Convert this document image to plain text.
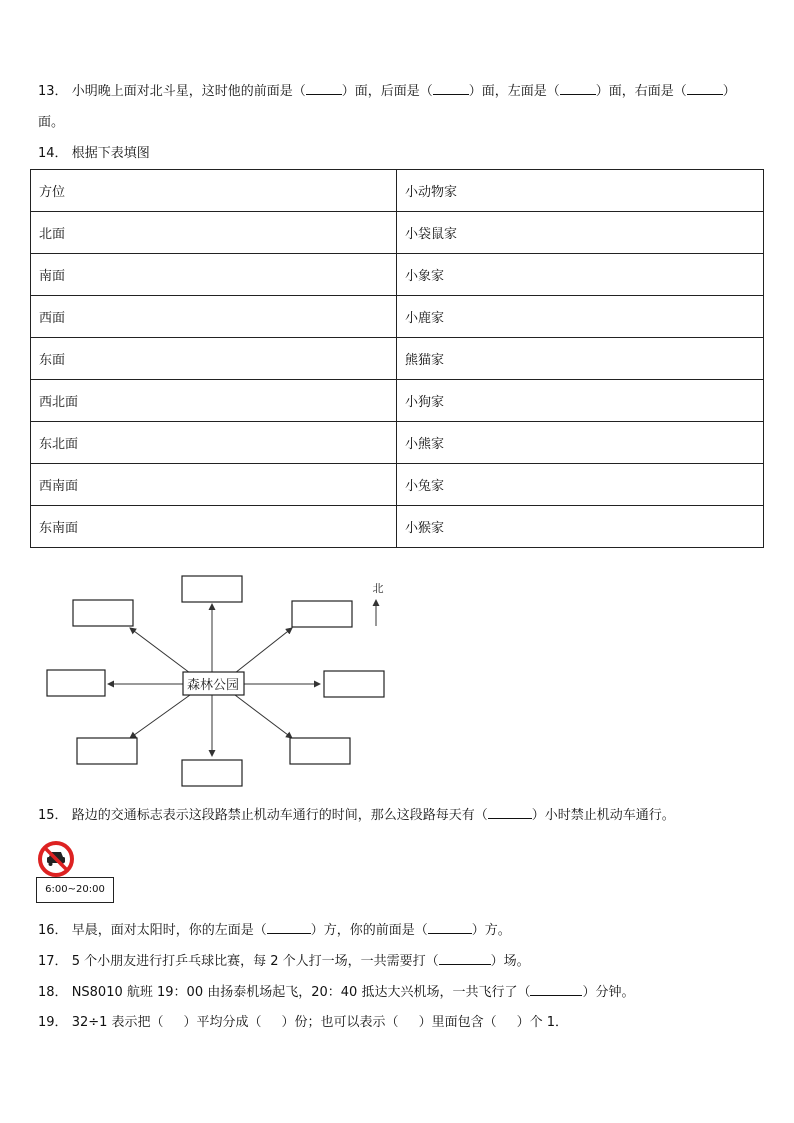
13． 小明晚上面对北斗星，这时他的前面是（	）面，后面是（	）面，左面是（	）面，右面是（	）
面。
14． 根据下表填图
方位	小动物家
北面	小袋鼠家
南面	小象家
西面	小鹿家
东面	熊猫家
西北面	小狗家
东北面	小熊家
西南面	小兔家
东南面	小猴家
森林公园
北
15． 路边的交通标志表示这段路禁止机动车通行的时间，那么这段路每天有（	）小时禁止机动车通行。
6:00~20:00
16． 早晨，面对太阳时，你的左面是（	）方，你的前面是（	）方。
17． 5 个小朋友进行打乒乓球比赛，每 2 个人打一场，一共需要打（	）场。
18． NS8010 航班 19：00 由扬泰机场起飞，20：40 抵达大兴机场，一共飞行了（	）分钟。
19． 32÷1 表示把（ ）平均分成（ ）份；也可以表示（ ）里面包含（ ）个 1．
